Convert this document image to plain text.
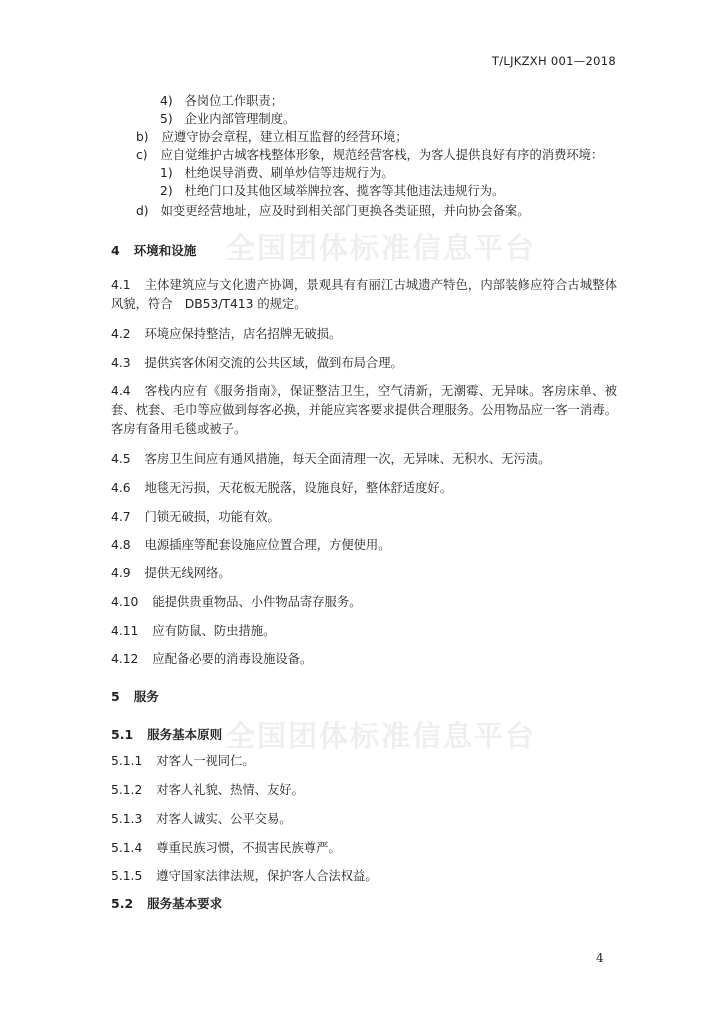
全国团体标准信息平台
全国团体标准信息平台
T/LJKZXH 001—2018
4) 各岗位工作职责；
5) 企业内部管理制度。
b) 应遵守协会章程，建立相互监督的经营环境；
c) 应自觉维护古城客栈整体形象，规范经营客栈，为客人提供良好有序的消费环境：
1) 杜绝误导消费、刷单炒信等违规行为。
2) 杜绝门口及其他区域举牌拉客、揽客等其他违法违规行为。
d) 如变更经营地址，应及时到相关部门更换各类证照，并向协会备案。
4 环境和设施
4.1 主体建筑应与文化遗产协调，景观具有有丽江古城遗产特色，内部装修应符合古城整体风貌，符合　DB53/T413 的规定。
4.2 环境应保持整洁，店名招牌无破损。
4.3 提供宾客休闲交流的公共区域，做到布局合理。
4.4 客栈内应有《服务指南》，保证整洁卫生，空气清新，无潮霉、无异味。客房床单、被套、枕套、毛巾等应做到每客必换，并能应宾客要求提供合理服务。公用物品应一客一消毒。客房有备用毛毯或被子。
4.5 客房卫生间应有通风措施，每天全面清理一次，无异味、无积水、无污渍。
4.6 地毯无污损，天花板无脱落，设施良好，整体舒适度好。
4.7 门锁无破损，功能有效。
4.8 电源插座等配套设施应位置合理，方便使用。
4.9 提供无线网络。
4.10 能提供贵重物品、小件物品寄存服务。
4.11 应有防鼠、防虫措施。
4.12 应配备必要的消毒设施设备。
5 服务
5.1 服务基本原则
5.1.1 对客人一视同仁。
5.1.2 对客人礼貌、热情、友好。
5.1.3 对客人诚实、公平交易。
5.1.4 尊重民族习惯，不损害民族尊严。
5.1.5 遵守国家法律法规，保护客人合法权益。
5.2 服务基本要求
4
